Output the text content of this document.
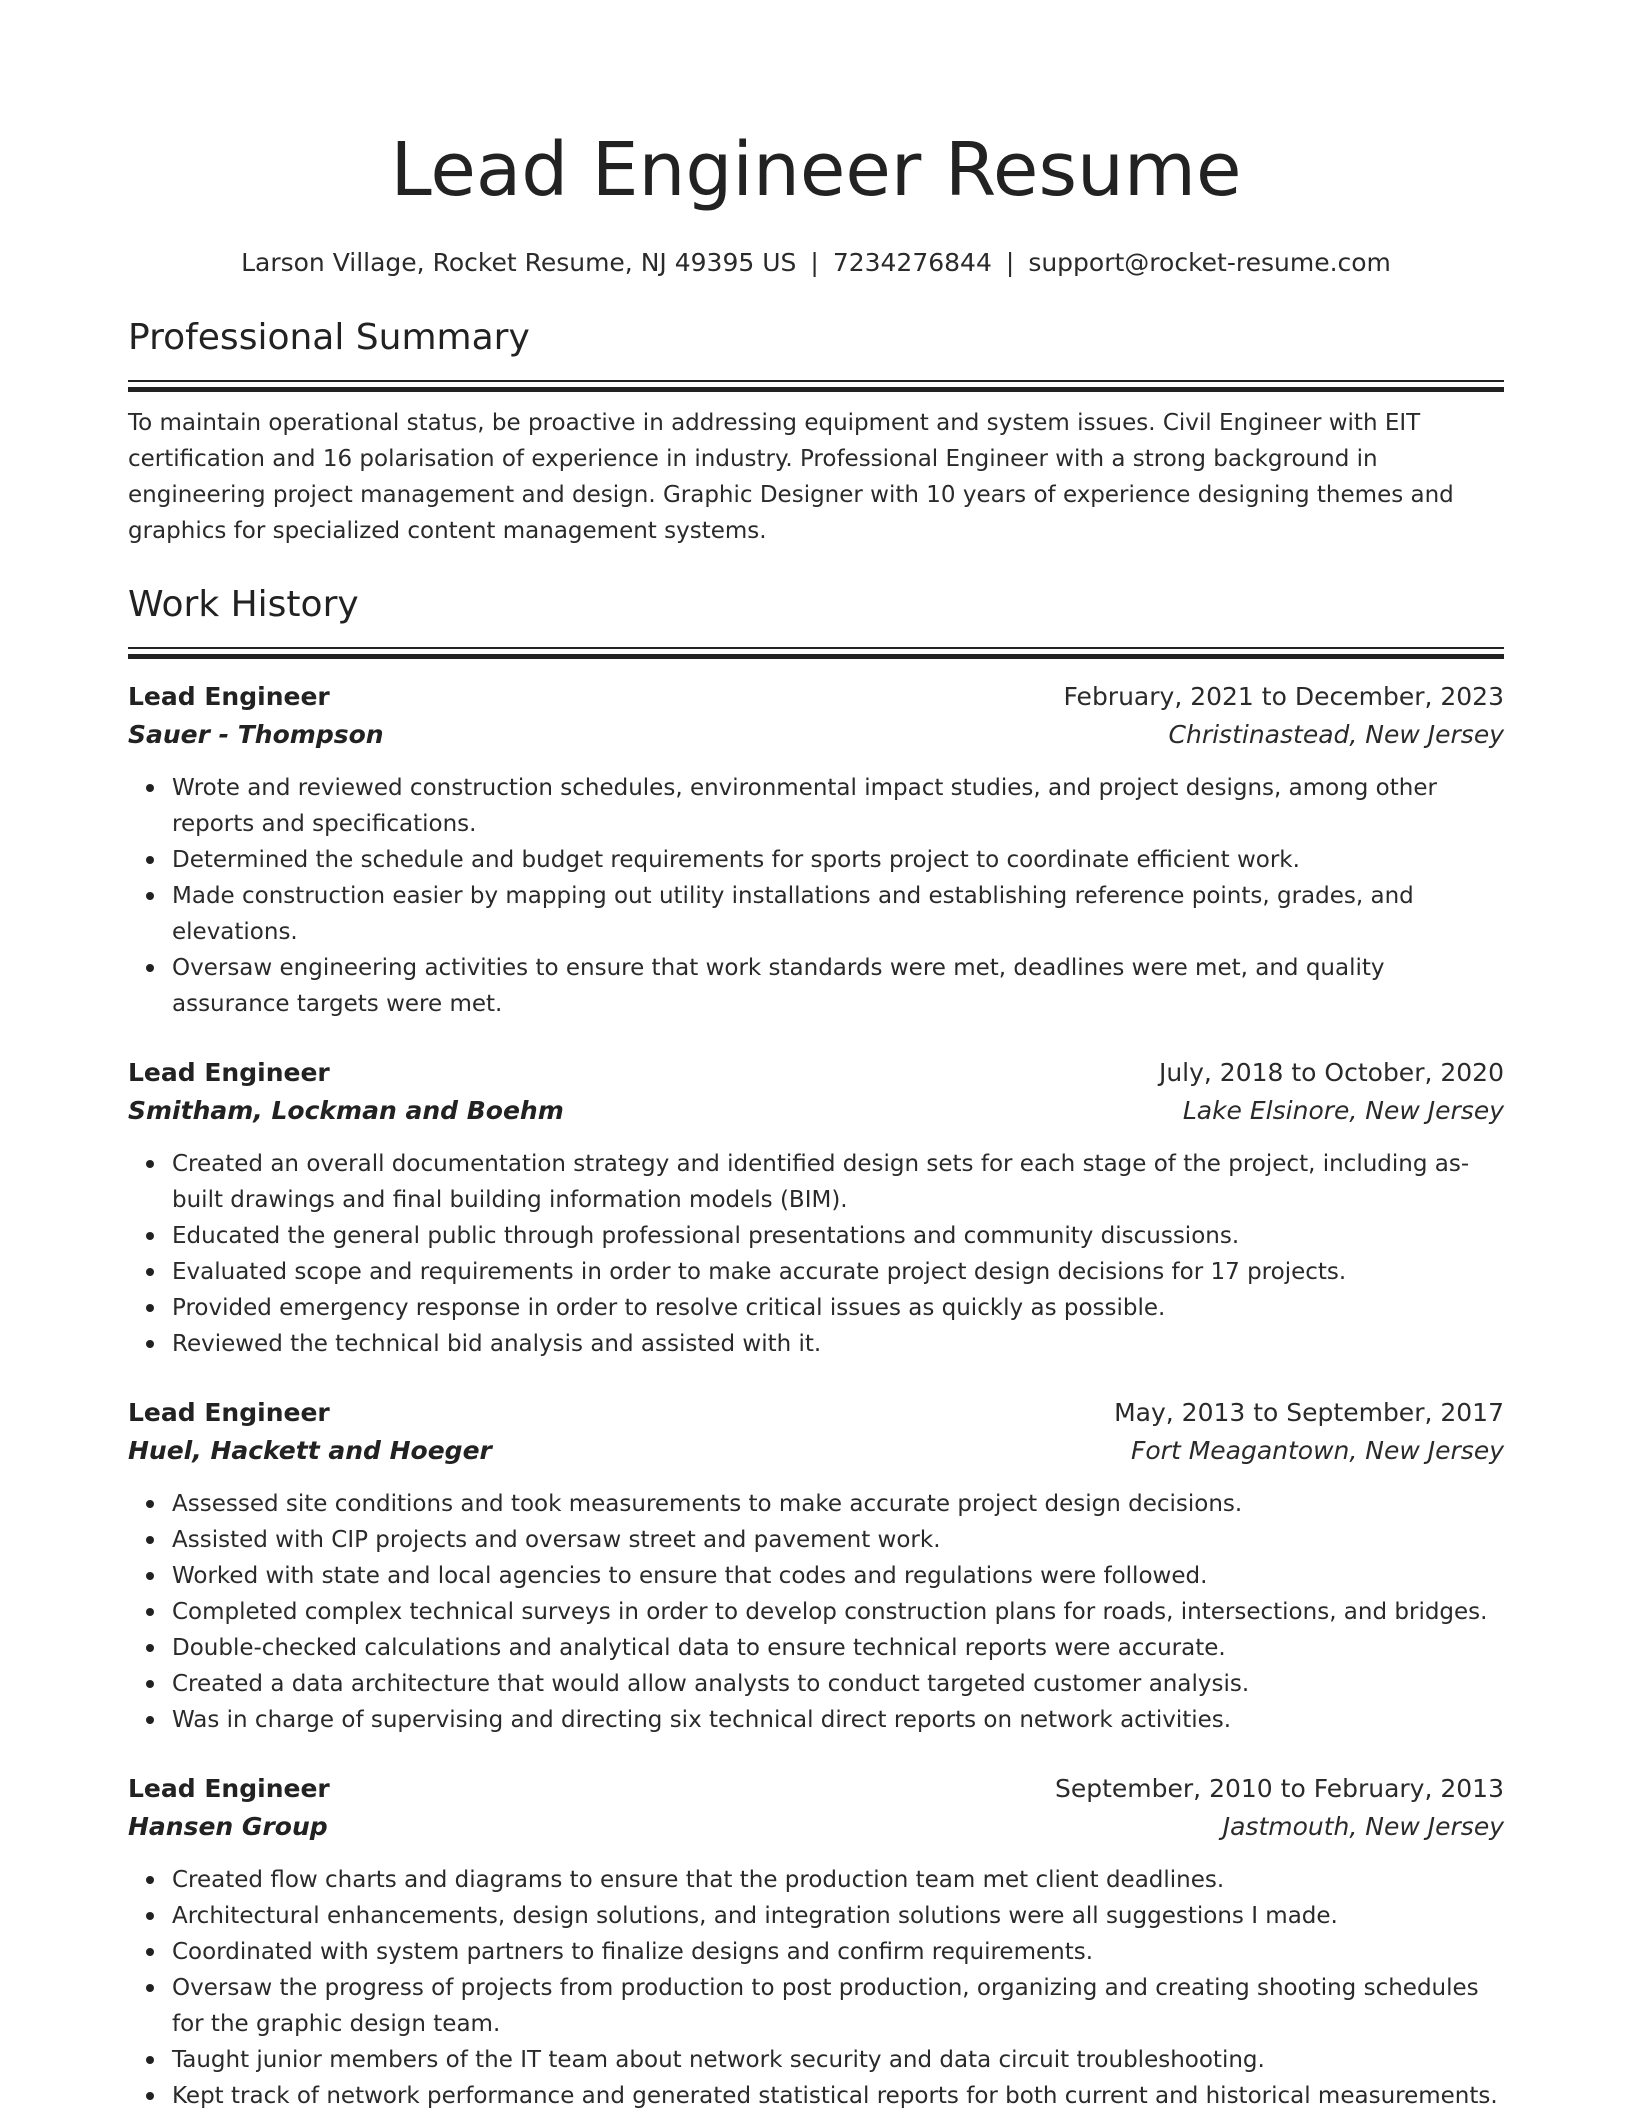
Lead Engineer Resume
Larson Village, Rocket Resume, NJ 49395 US | 7234276844 | support@rocket-resume.com
Professional Summary
To maintain operational status, be proactive in addressing equipment and system issues. Civil Engineer with EIT certification and 16 polarisation of experience in industry. Professional Engineer with a strong background in engineering project management and design. Graphic Designer with 10 years of experience designing themes and graphics for specialized content management systems.
Work History
Lead Engineer	February, 2021 to December, 2023
Sauer - Thompson	Christinastead, New Jersey
Wrote and reviewed construction schedules, environmental impact studies, and project designs, among other reports and specifications.
Determined the schedule and budget requirements for sports project to coordinate efficient work.
Made construction easier by mapping out utility installations and establishing reference points, grades, and elevations.
Oversaw engineering activities to ensure that work standards were met, deadlines were met, and quality assurance targets were met.
Lead Engineer	July, 2018 to October, 2020
Smitham, Lockman and Boehm	Lake Elsinore, New Jersey
Created an overall documentation strategy and identified design sets for each stage of the project, including as-built drawings and final building information models (BIM).
Educated the general public through professional presentations and community discussions.
Evaluated scope and requirements in order to make accurate project design decisions for 17 projects.
Provided emergency response in order to resolve critical issues as quickly as possible.
Reviewed the technical bid analysis and assisted with it.
Lead Engineer	May, 2013 to September, 2017
Huel, Hackett and Hoeger	Fort Meagantown, New Jersey
Assessed site conditions and took measurements to make accurate project design decisions.
Assisted with CIP projects and oversaw street and pavement work.
Worked with state and local agencies to ensure that codes and regulations were followed.
Completed complex technical surveys in order to develop construction plans for roads, intersections, and bridges.
Double-checked calculations and analytical data to ensure technical reports were accurate.
Created a data architecture that would allow analysts to conduct targeted customer analysis.
Was in charge of supervising and directing six technical direct reports on network activities.
Lead Engineer	September, 2010 to February, 2013
Hansen Group	Jastmouth, New Jersey
Created flow charts and diagrams to ensure that the production team met client deadlines.
Architectural enhancements, design solutions, and integration solutions were all suggestions I made.
Coordinated with system partners to finalize designs and confirm requirements.
Oversaw the progress of projects from production to post production, organizing and creating shooting schedules for the graphic design team.
Taught junior members of the IT team about network security and data circuit troubleshooting.
Kept track of network performance and generated statistical reports for both current and historical measurements.
